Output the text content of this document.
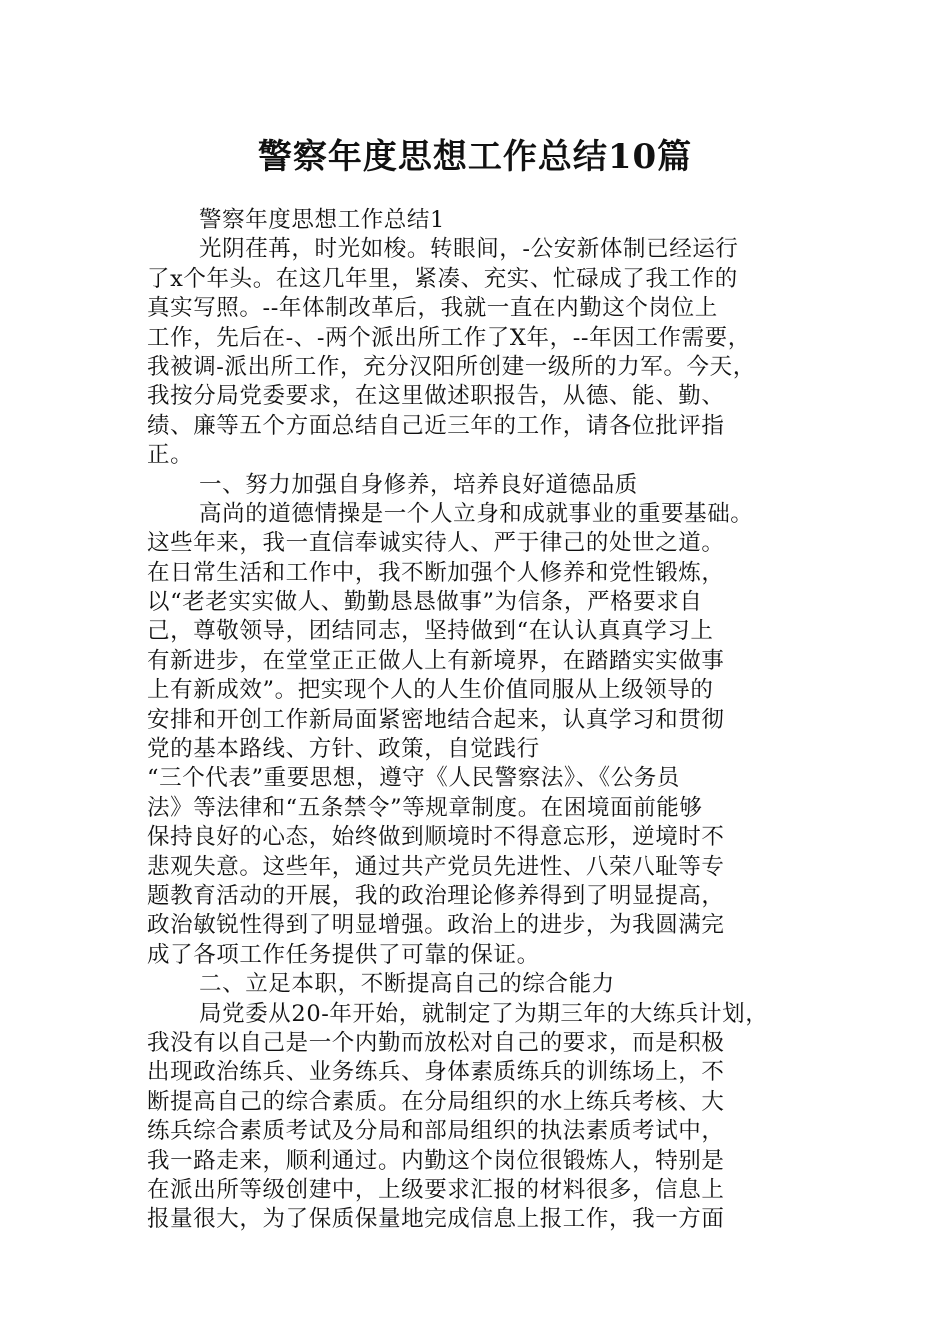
警察年度思想工作总结10篇
警察年度思想工作总结1
光阴荏苒，时光如梭。转眼间，-公安新体制已经运行
了x个年头。在这几年里，紧凑、充实、忙碌成了我工作的
真实写照。--年体制改革后，我就一直在内勤这个岗位上
工作，先后在-、-两个派出所工作了X年，--年因工作需要，
我被调-派出所工作，充分汉阳所创建一级所的力军。今天，
我按分局党委要求，在这里做述职报告，从德、能、勤、
绩、廉等五个方面总结自己近三年的工作，请各位批评指
正。
一、努力加强自身修养，培养良好道德品质
高尚的道德情操是一个人立身和成就事业的重要基础。
这些年来，我一直信奉诚实待人、严于律己的处世之道。
在日常生活和工作中，我不断加强个人修养和党性锻炼，
以“老老实实做人、勤勤恳恳做事”为信条，严格要求自
己，尊敬领导，团结同志，坚持做到“在认认真真学习上
有新进步，在堂堂正正做人上有新境界，在踏踏实实做事
上有新成效”。把实现个人的人生价值同服从上级领导的
安排和开创工作新局面紧密地结合起来，认真学习和贯彻
党的基本路线、方针、政策，自觉践行
“三个代表”重要思想，遵守《人民警察法》、《公务员
法》等法律和“五条禁令”等规章制度。在困境面前能够
保持良好的心态，始终做到顺境时不得意忘形，逆境时不
悲观失意。这些年，通过共产党员先进性、八荣八耻等专
题教育活动的开展，我的政治理论修养得到了明显提高，
政治敏锐性得到了明显增强。政治上的进步，为我圆满完
成了各项工作任务提供了可靠的保证。
二、立足本职，不断提高自己的综合能力
局党委从20-年开始，就制定了为期三年的大练兵计划，
我没有以自己是一个内勤而放松对自己的要求，而是积极
出现政治练兵、业务练兵、身体素质练兵的训练场上，不
断提高自己的综合素质。在分局组织的水上练兵考核、大
练兵综合素质考试及分局和部局组织的执法素质考试中，
我一路走来，顺利通过。内勤这个岗位很锻炼人，特别是
在派出所等级创建中，上级要求汇报的材料很多，信息上
报量很大，为了保质保量地完成信息上报工作，我一方面
